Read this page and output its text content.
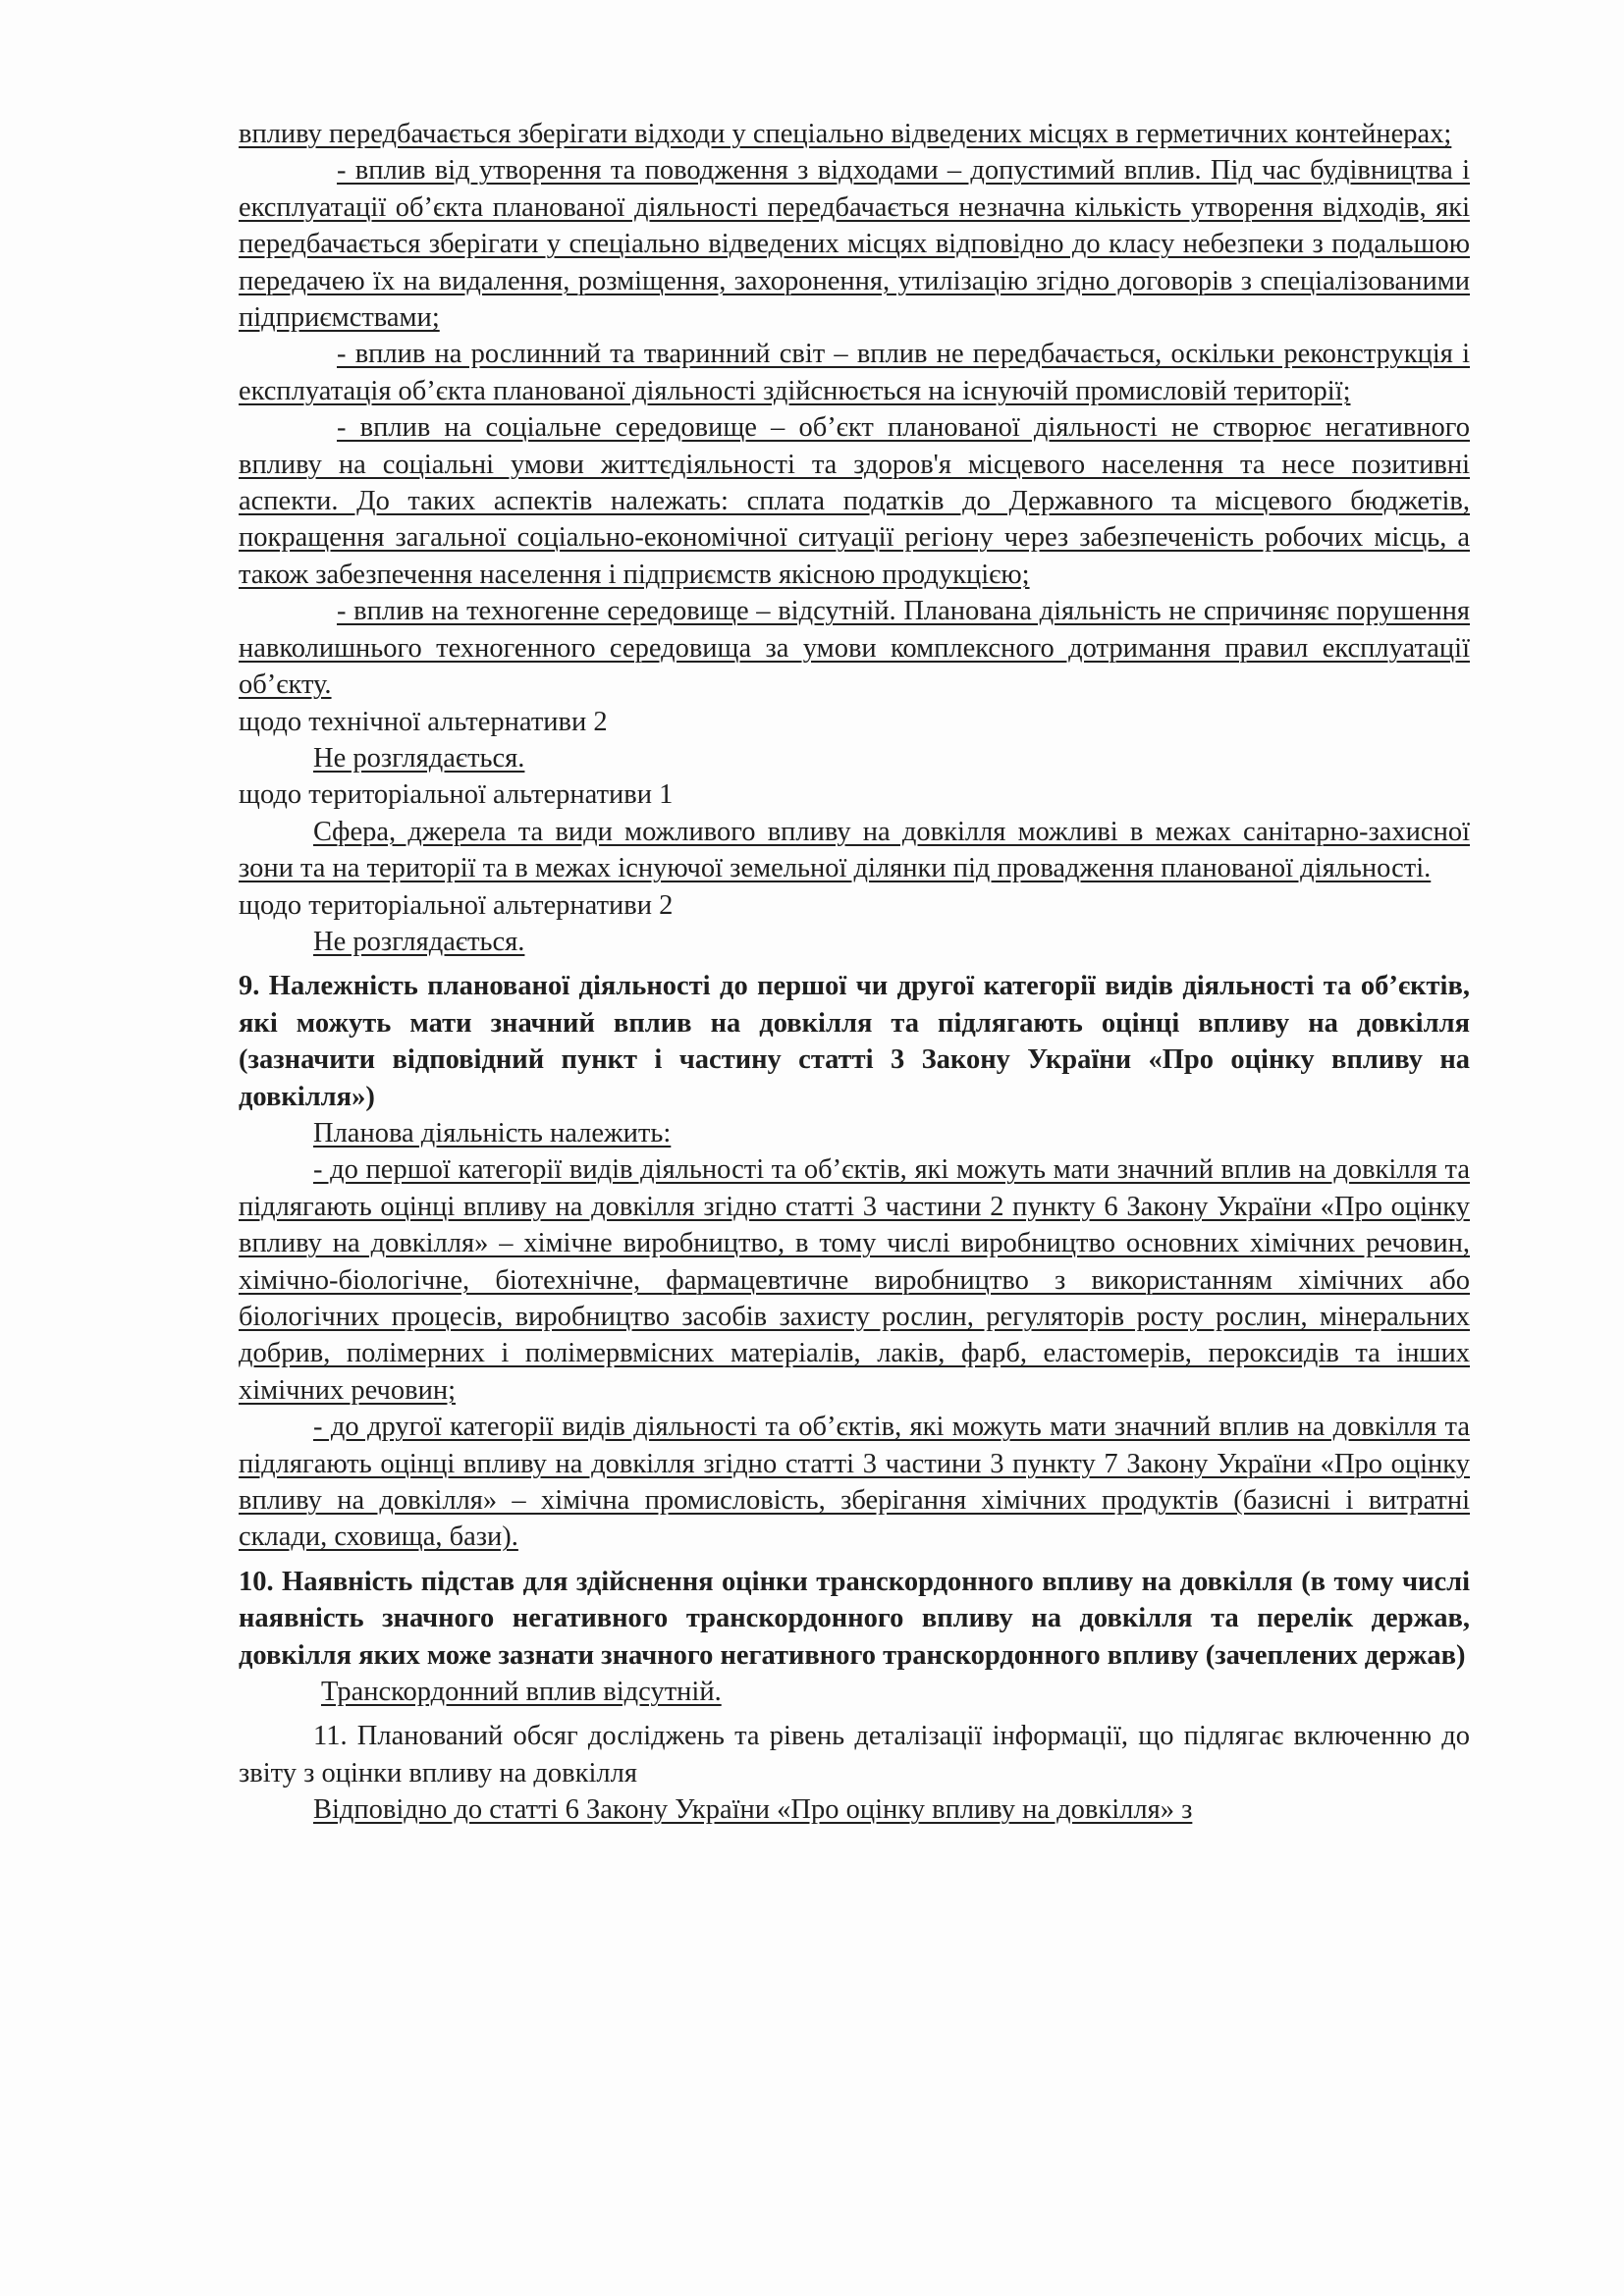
впливу передбачається зберігати відходи у спеціально відведених місцях в герметичних контейнерах;

- вплив від утворення та поводження з відходами – допустимий вплив. Під час будівництва і експлуатації об’єкта планованої діяльності передбачається незначна кількість утворення відходів, які передбачається зберігати у спеціально відведених місцях відповідно до класу небезпеки з подальшою передачею їх на видалення, розміщення, захоронення, утилізацію згідно договорів з спеціалізованими підприємствами;

- вплив на рослинний та тваринний світ – вплив не передбачається, оскільки реконструкція і експлуатація об’єкта планованої діяльності здійснюється на існуючій промисловій території;

- вплив на соціальне середовище – об’єкт планованої діяльності не створює негативного впливу на соціальні умови життєдіяльності та здоров'я місцевого населення та несе позитивні аспекти. До таких аспектів належать: сплата податків до Державного та місцевого бюджетів, покращення загальної соціально-економічної ситуації регіону через забезпеченість робочих місць, а також забезпечення населення і підприємств якісною продукцією;

- вплив на техногенне середовище – відсутній. Планована діяльність не спричиняє порушення навколишнього техногенного середовища за умови комплексного дотримання правил експлуатації об’єкту.

щодо технічної альтернативи 2

Не розглядається.

щодо територіальної альтернативи 1

Сфера, джерела та види можливого впливу на довкілля можливі в межах санітарно-захисної зони та на території та в межах існуючої земельної ділянки під провадження планованої діяльності.

щодо територіальної альтернативи 2

Не розглядається.

9. Належність планованої діяльності до першої чи другої категорії видів діяльності та об’єктів, які можуть мати значний вплив на довкілля та підлягають оцінці впливу на довкілля (зазначити відповідний пункт і частину статті 3 Закону України «Про оцінку впливу на довкілля»)

Планова діяльність належить:

- до першої категорії видів діяльності та об’єктів, які можуть мати значний вплив на довкілля та підлягають оцінці впливу на довкілля згідно статті 3 частини 2 пункту 6 Закону України «Про оцінку впливу на довкілля» – хімічне виробництво, в тому числі виробництво основних хімічних речовин, хімічно-біологічне, біотехнічне, фармацевтичне виробництво з використанням хімічних або біологічних процесів, виробництво засобів захисту рослин, регуляторів росту рослин, мінеральних добрив, полімерних і полімервмісних матеріалів, лаків, фарб, еластомерів, пероксидів та інших хімічних речовин;

- до другої категорії видів діяльності та об’єктів, які можуть мати значний вплив на довкілля та підлягають оцінці впливу на довкілля згідно статті 3 частини 3 пункту 7 Закону України «Про оцінку впливу на довкілля» – хімічна промисловість, зберігання хімічних продуктів (базисні і витратні склади, сховища, бази).

10. Наявність підстав для здійснення оцінки транскордонного впливу на довкілля (в тому числі наявність значного негативного транскордонного впливу на довкілля та перелік держав, довкілля яких може зазнати значного негативного транскордонного впливу (зачеплених держав)

Транскордонний вплив відсутній.

11. Планований обсяг досліджень та рівень деталізації інформації, що підлягає включенню до звіту з оцінки впливу на довкілля

Відповідно до статті 6 Закону України «Про оцінку впливу на довкілля» з
